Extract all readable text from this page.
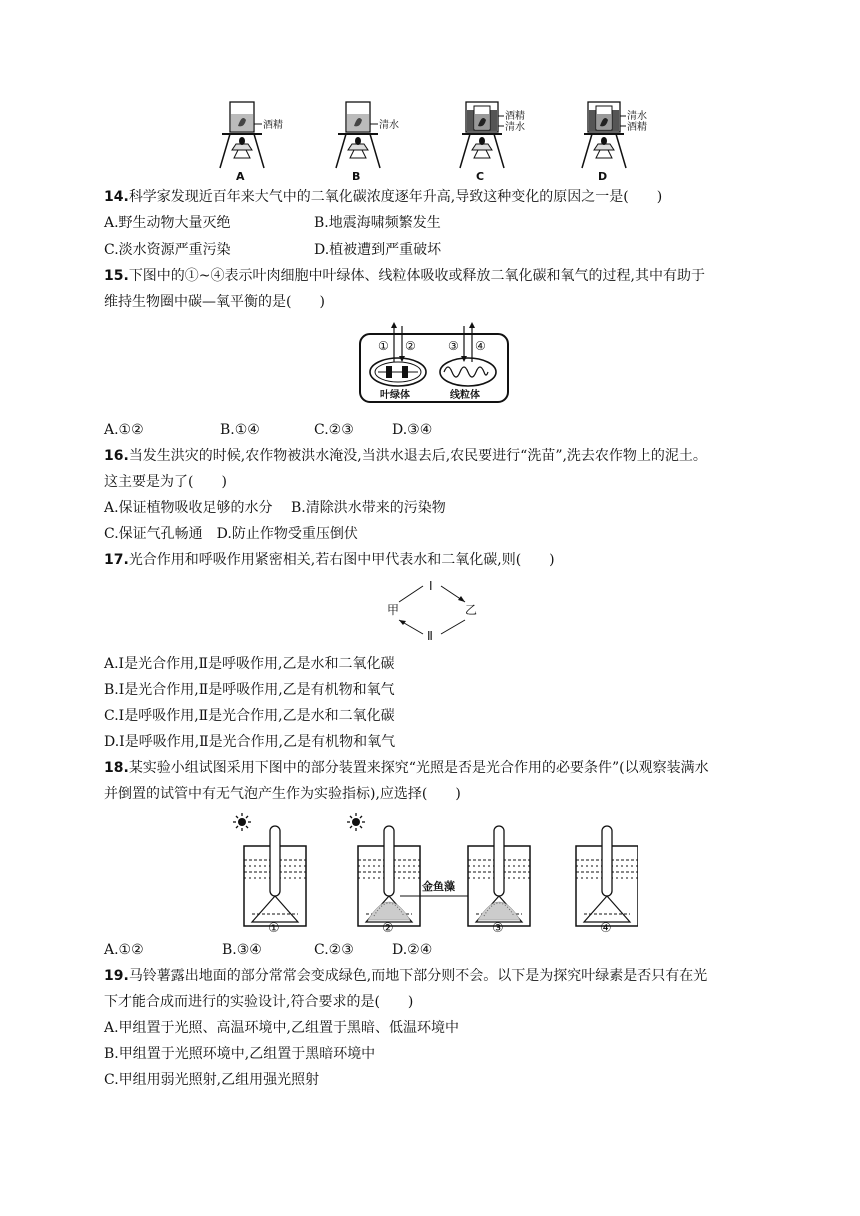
酒精
A
清水
B
酒精
清水
C
清水
酒精
D
14.科学家发现近百年来大气中的二氧化碳浓度逐年升高,导致这种变化的原因之一是(　　)
A.野生动物大量灭绝	B.地震海啸频繁发生
C.淡水资源严重污染	D.植被遭到严重破坏
15.下图中的①~④表示叶肉细胞中叶绿体、线粒体吸收或释放二氧化碳和氧气的过程,其中有助于
维持生物圈中碳—氧平衡的是(　　)
① ②	③ ④
叶绿体	线粒体
A.①②	B.①④	C.②③	D.③④
16.当发生洪灾的时候,农作物被洪水淹没,当洪水退去后,农民要进行“洗苗”,洗去农作物上的泥土。
这主要是为了(　　)
A.保证植物吸收足够的水分　 B.清除洪水带来的污染物
C.保证气孔畅通　D.防止作物受重压倒伏
17.光合作用和呼吸作用紧密相关,若右图中甲代表水和二氧化碳,则(　　)
Ⅰ
Ⅱ
甲	乙
A.Ⅰ是光合作用,Ⅱ是呼吸作用,乙是水和二氧化碳
B.Ⅰ是光合作用,Ⅱ是呼吸作用,乙是有机物和氧气
C.Ⅰ是呼吸作用,Ⅱ是光合作用,乙是水和二氧化碳
D.Ⅰ是呼吸作用,Ⅱ是光合作用,乙是有机物和氧气
18.某实验小组试图采用下图中的部分装置来探究“光照是否是光合作用的必要条件”(以观察装满水
并倒置的试管中有无气泡产生作为实验指标),应选择(　　)
金鱼藻
①	②	③	④
A.①②	B.③④	C.②③	D.②④
19.马铃薯露出地面的部分常常会变成绿色,而地下部分则不会。以下是为探究叶绿素是否只有在光
下才能合成而进行的实验设计,符合要求的是(　　)
A.甲组置于光照、高温环境中,乙组置于黑暗、低温环境中
B.甲组置于光照环境中,乙组置于黑暗环境中
C.甲组用弱光照射,乙组用强光照射
